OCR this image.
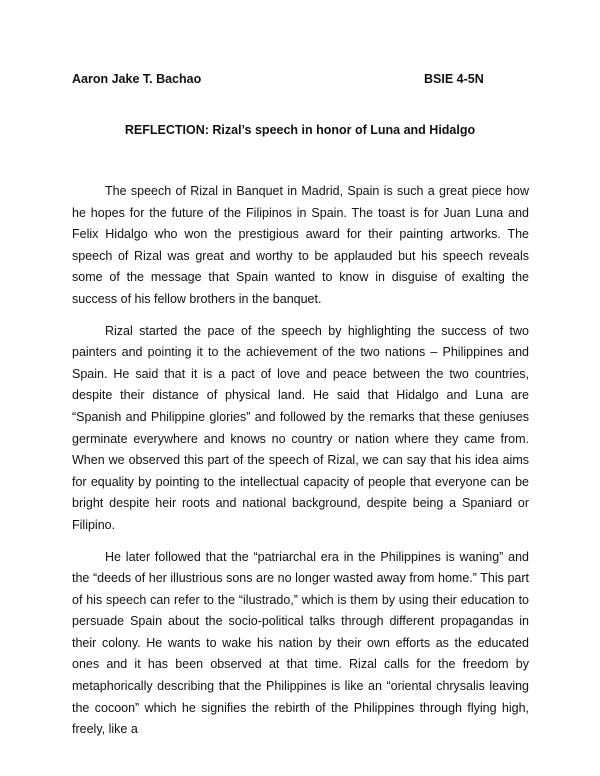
Aaron Jake T. Bachao	BSIE 4-5N
REFLECTION: Rizal’s speech in honor of Luna and Hidalgo

The speech of Rizal in Banquet in Madrid, Spain is such a great piece how he hopes for the future of the Filipinos in Spain. The toast is for Juan Luna and Felix Hidalgo who won the prestigious award for their painting artworks. The speech of Rizal was great and worthy to be applauded but his speech reveals some of the message that Spain wanted to know in disguise of exalting the success of his fellow brothers in the banquet.

Rizal started the pace of the speech by highlighting the success of two painters and pointing it to the achievement of the two nations – Philippines and Spain. He said that it is a pact of love and peace between the two countries, despite their distance of physical land. He said that Hidalgo and Luna are “Spanish and Philippine glories” and followed by the remarks that these geniuses germinate everywhere and knows no country or nation where they came from. When we observed this part of the speech of Rizal, we can say that his idea aims for equality by pointing to the intellectual capacity of people that everyone can be bright despite heir roots and national background, despite being a Spaniard or Filipino.

He later followed that the “patriarchal era in the Philippines is waning” and the “deeds of her illustrious sons are no longer wasted away from home.” This part of his speech can refer to the “ilustrado,” which is them by using their education to persuade Spain about the socio-political talks through different propagandas in their colony. He wants to wake his nation by their own efforts as the educated ones and it has been observed at that time. Rizal calls for the freedom by metaphorically describing that the Philippines is like an “oriental chrysalis leaving the cocoon” which he signifies the rebirth of the Philippines through flying high, freely, like a
